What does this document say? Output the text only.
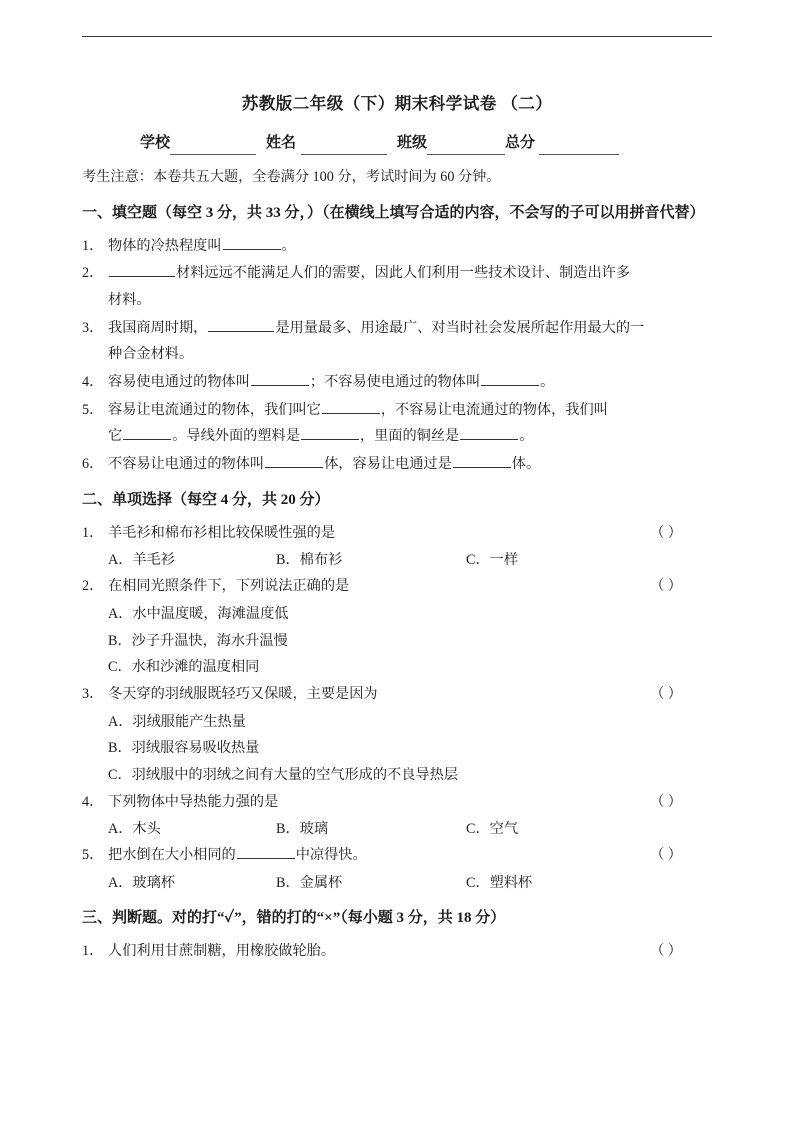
苏教版二年级（下）期末科学试卷 （二）
学校	姓名	班级	总分

考生注意：本卷共五大题，全卷满分 100 分，考试时间为 60 分钟。

一、填空题（每空 3 分，共 33 分，）（在横线上填写合适的内容，不会写的子可以用拼音代替）
1． 物体的冷热程度叫	。
2．	材料远远不能满足人们的需要，因此人们利用一些技术设计、制造出许多
材料。
3． 我国商周时期，	是用量最多、用途最广、对当时社会发展所起作用最大的一
种合金材料。
4． 容易使电通过的物体叫	；不容易使电通过的物体叫	。
5． 容易让电流通过的物体，我们叫它	，不容易让电流通过的物体，我们叫
它	。导线外面的塑料是	，里面的铜丝是	。
6． 不容易让电通过的物体叫	体，容易让电通过是	体。
二、单项选择（每空 4 分，共 20 分）
1． 羊毛衫和棉布衫相比较保暖性强的是	（ ）
A．羊毛衫	B．棉布衫	C．一样
2． 在相同光照条件下，下列说法正确的是	（ ）
A．水中温度暖，海滩温度低
B．沙子升温快，海水升温慢
C．水和沙滩的温度相同
3． 冬天穿的羽绒服既轻巧又保暖，主要是因为	（ ）
A．羽绒服能产生热量
B．羽绒服容易吸收热量
C．羽绒服中的羽绒之间有大量的空气形成的不良导热层
4． 下列物体中导热能力强的是	（ ）
A．木头	B．玻璃	C．空气
5． 把水倒在大小相同的	中凉得快。	（ ）
A．玻璃杯	B．金属杯	C．塑料杯
三、判断题。对的打“✓”，错的打的“×”（每小题 3 分，共 18 分）
1． 人们利用甘蔗制糖，用橡胶做轮胎。	（ ）
